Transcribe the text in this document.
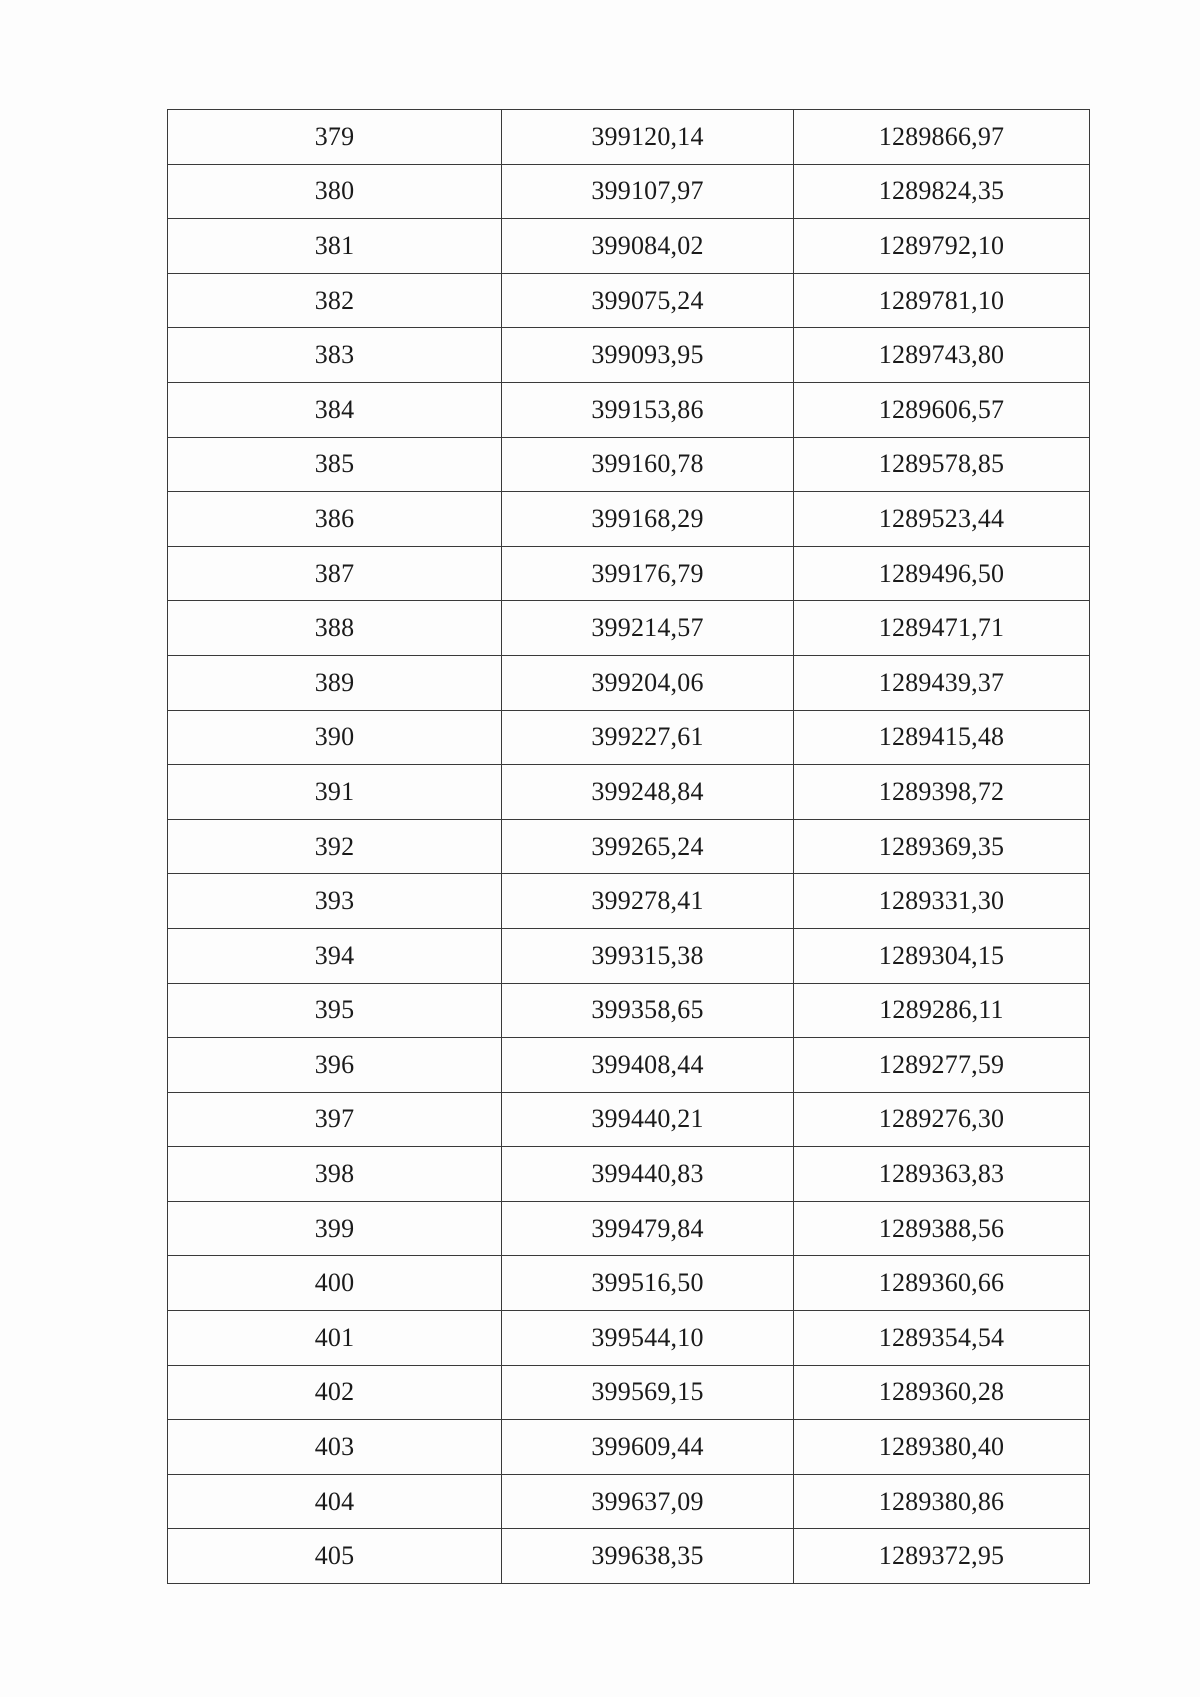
379	399120,14	1289866,97
380	399107,97	1289824,35
381	399084,02	1289792,10
382	399075,24	1289781,10
383	399093,95	1289743,80
384	399153,86	1289606,57
385	399160,78	1289578,85
386	399168,29	1289523,44
387	399176,79	1289496,50
388	399214,57	1289471,71
389	399204,06	1289439,37
390	399227,61	1289415,48
391	399248,84	1289398,72
392	399265,24	1289369,35
393	399278,41	1289331,30
394	399315,38	1289304,15
395	399358,65	1289286,11
396	399408,44	1289277,59
397	399440,21	1289276,30
398	399440,83	1289363,83
399	399479,84	1289388,56
400	399516,50	1289360,66
401	399544,10	1289354,54
402	399569,15	1289360,28
403	399609,44	1289380,40
404	399637,09	1289380,86
405	399638,35	1289372,95
